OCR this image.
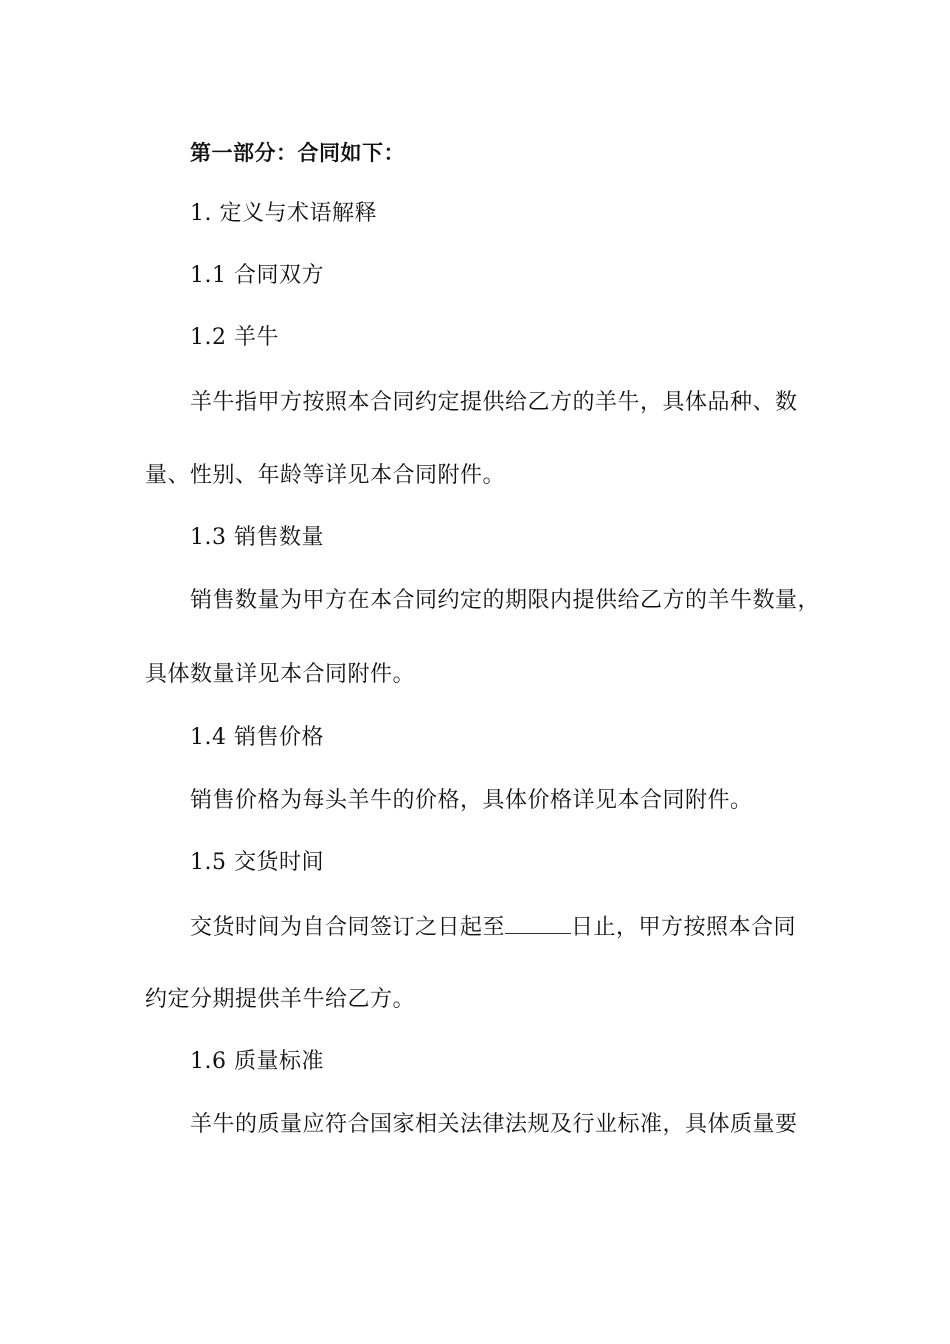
第一部分：合同如下：
1. 定义与术语解释
1.1 合同双方
1.2 羊牛
羊牛指甲方按照本合同约定提供给乙方的羊牛，具体品种、数
量、性别、年龄等详见本合同附件。
1.3 销售数量
销售数量为甲方在本合同约定的期限内提供给乙方的羊牛数量，
具体数量详见本合同附件。
1.4 销售价格
销售价格为每头羊牛的价格，具体价格详见本合同附件。
1.5 交货时间
交货时间为自合同签订之日起至	日止，甲方按照本合同
约定分期提供羊牛给乙方。
1.6 质量标准
羊牛的质量应符合国家相关法律法规及行业标准，具体质量要
